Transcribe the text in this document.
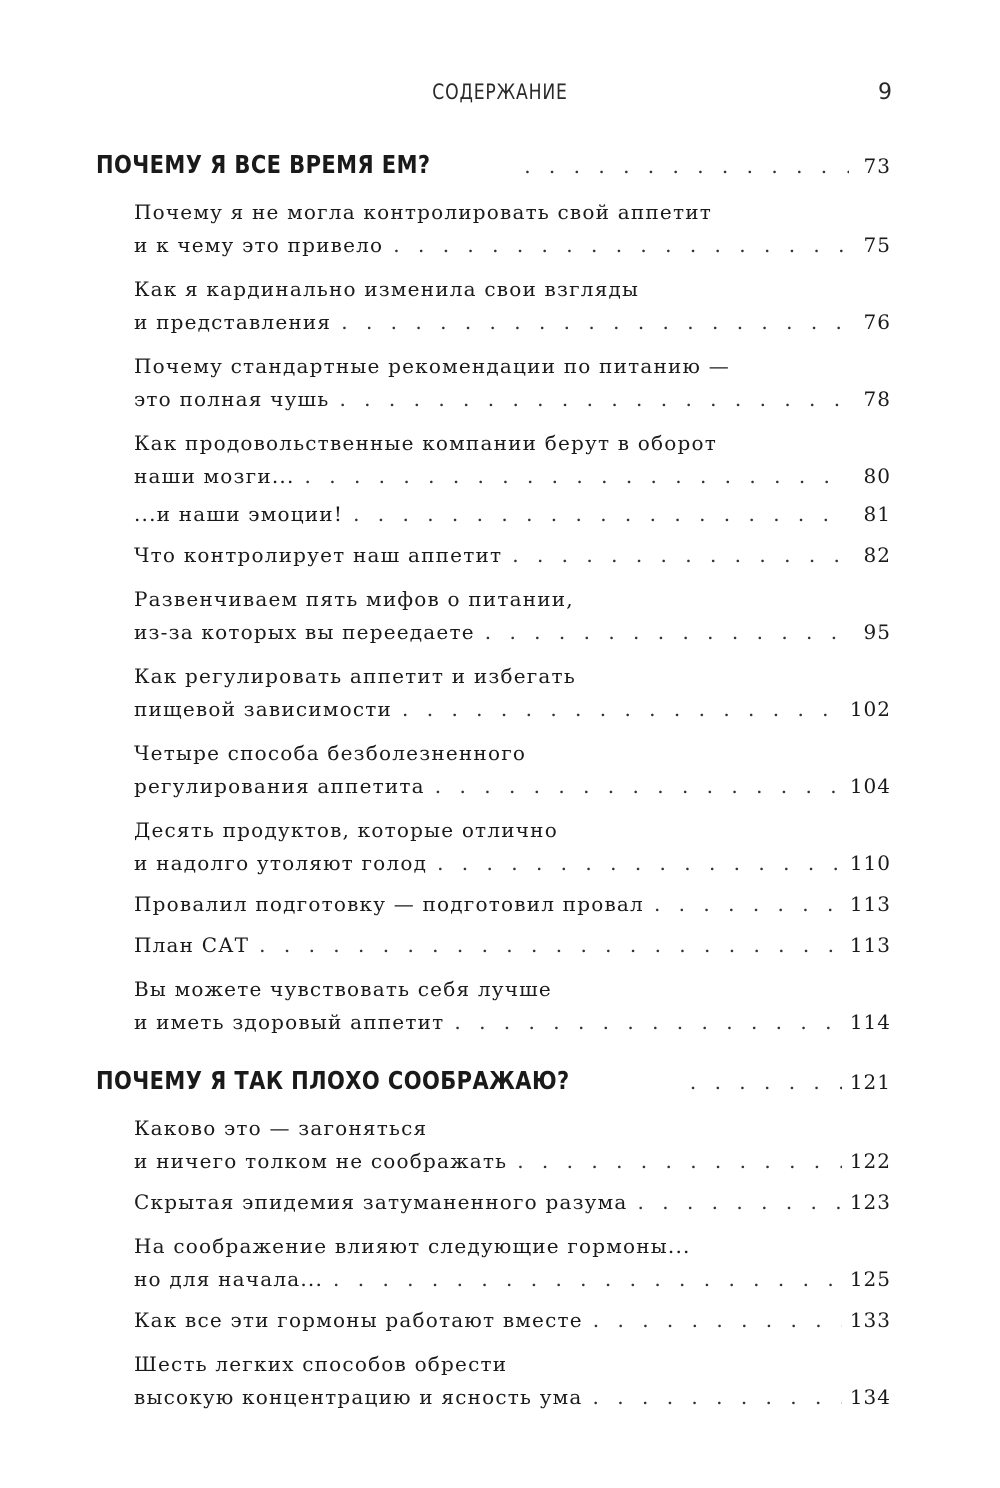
СОДЕРЖАНИЕ	9
ПОЧЕМУ Я ВСЕ ВРЕМЯ ЕМ? . . .	73
Почему я не могла контролировать свой аппетит
и к чему это привело . . .	75
Как я кардинально изменила свои взгляды
и представления . . .	76
Почему стандартные рекомендации по питанию —
это полная чушь . . .	78
Как продовольственные компании берут в оборот
наши мозги... . . .	80
...и наши эмоции! . . .	81
Что контролирует наш аппетит . . .	82
Развенчиваем пять мифов о питании,
из-за которых вы переедаете . . .	95
Как регулировать аппетит и избегать
пищевой зависимости . . .	102
Четыре способа безболезненного
регулирования аппетита . . .	104
Десять продуктов, которые отлично
и надолго утоляют голод . . .	110
Провалил подготовку — подготовил провал . . .	113
План САТ . . .	113
Вы можете чувствовать себя лучше
и иметь здоровый аппетит . . .	114
ПОЧЕМУ Я ТАК ПЛОХО СООБРАЖАЮ? . . .	121
Каково это — загоняться
и ничего толком не соображать . . .	122
Скрытая эпидемия затуманенного разума . . .	123
На соображение влияют следующие гормоны...
но для начала... . . .	125
Как все эти гормоны работают вместе . . .	133
Шесть легких способов обрести
высокую концентрацию и ясность ума . . .	134
